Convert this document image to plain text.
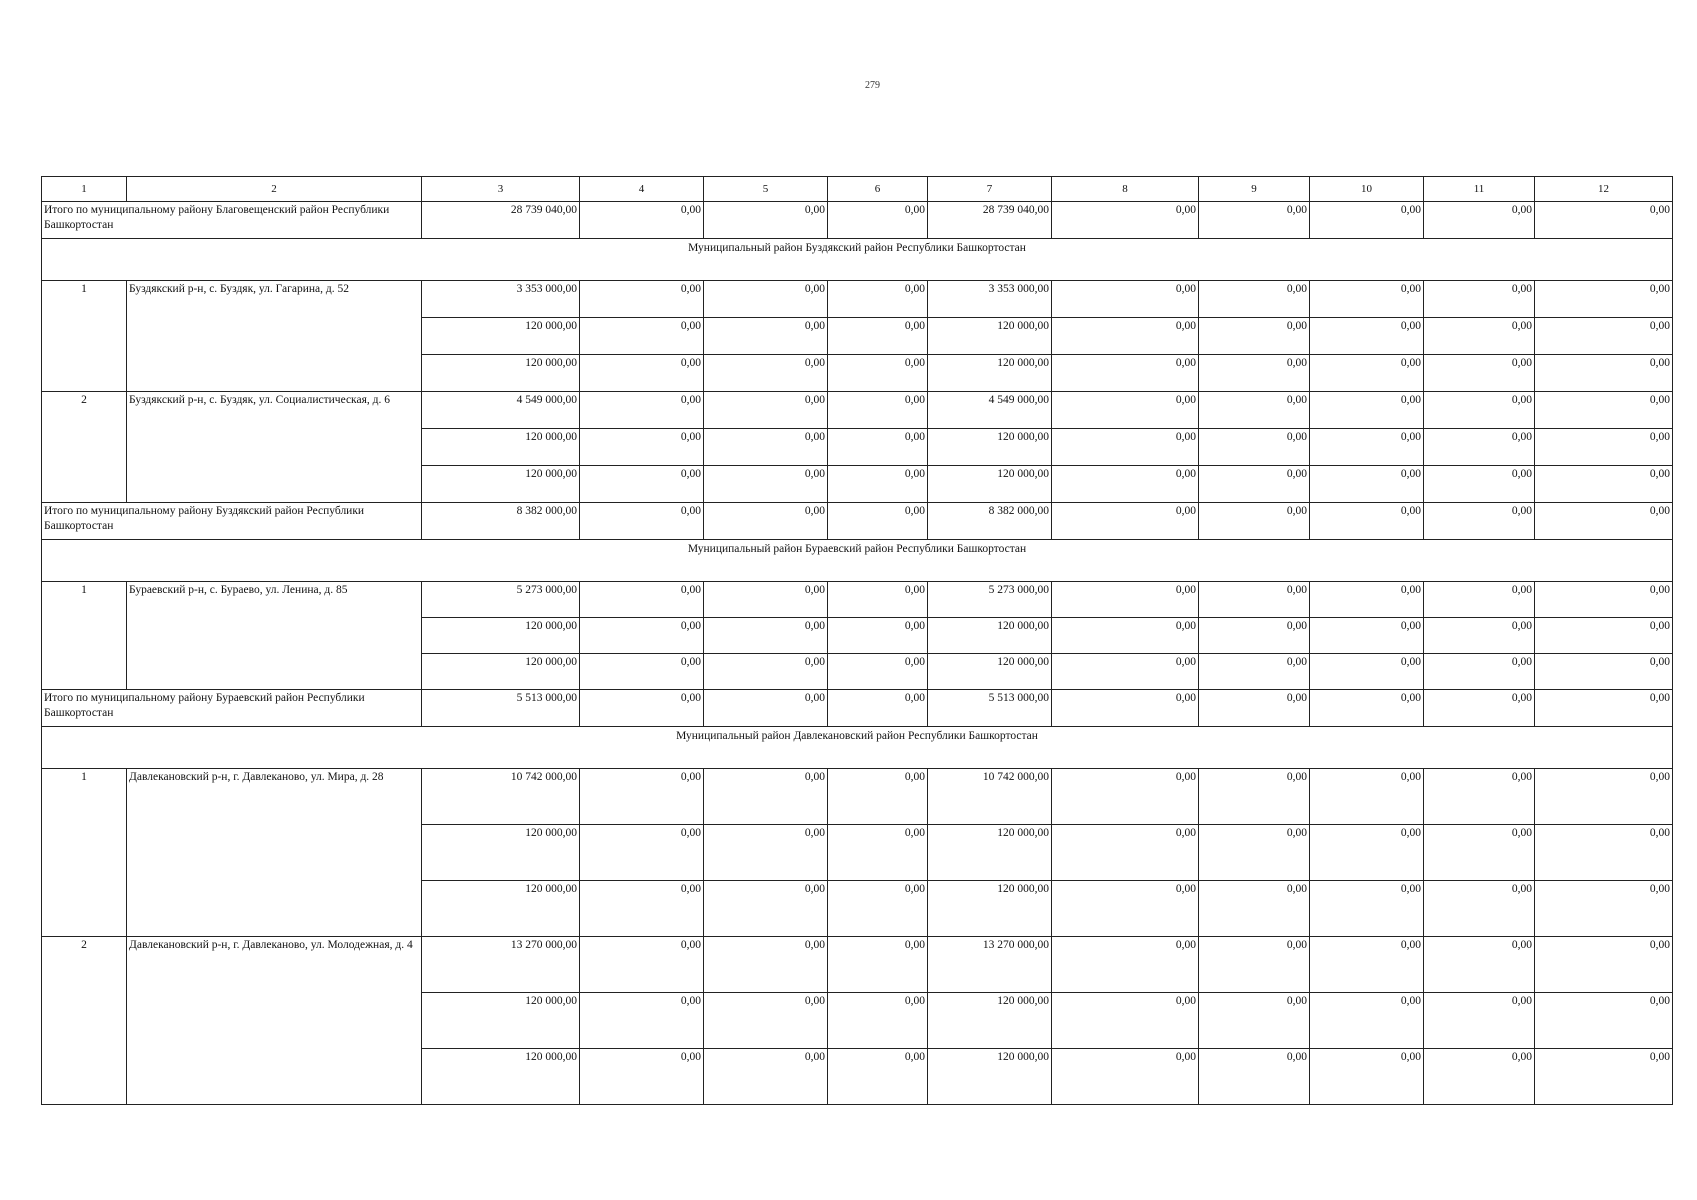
279
1	2	3	4	5	6	7	8	9	10	11	12
Итого по муниципальному району Благовещенский район Республики Башкортостан		28 739 040,00	0,00	0,00	0,00	28 739 040,00	0,00	0,00	0,00	0,00	0,00
Муниципальный район Буздякский район Республики Башкортостан											
1	Буздякский р-н, с. Буздяк, ул. Гагарина, д. 52	3 353 000,00	0,00	0,00	0,00	3 353 000,00	0,00	0,00	0,00	0,00	0,00
		120 000,00	0,00	0,00	0,00	120 000,00	0,00	0,00	0,00	0,00	0,00
		120 000,00	0,00	0,00	0,00	120 000,00	0,00	0,00	0,00	0,00	0,00
2	Буздякский р-н, с. Буздяк, ул. Социалистическая, д. 6	4 549 000,00	0,00	0,00	0,00	4 549 000,00	0,00	0,00	0,00	0,00	0,00
		120 000,00	0,00	0,00	0,00	120 000,00	0,00	0,00	0,00	0,00	0,00
		120 000,00	0,00	0,00	0,00	120 000,00	0,00	0,00	0,00	0,00	0,00
Итого по муниципальному району Буздякский район Республики Башкортостан		8 382 000,00	0,00	0,00	0,00	8 382 000,00	0,00	0,00	0,00	0,00	0,00
Муниципальный район Бураевский район Республики Башкортостан											
1	Бураевский р-н, с. Бураево, ул. Ленина, д. 85	5 273 000,00	0,00	0,00	0,00	5 273 000,00	0,00	0,00	0,00	0,00	0,00
		120 000,00	0,00	0,00	0,00	120 000,00	0,00	0,00	0,00	0,00	0,00
		120 000,00	0,00	0,00	0,00	120 000,00	0,00	0,00	0,00	0,00	0,00
Итого по муниципальному району Бураевский район Республики Башкортостан		5 513 000,00	0,00	0,00	0,00	5 513 000,00	0,00	0,00	0,00	0,00	0,00
Муниципальный район Давлекановский район Республики Башкортостан											
1	Давлекановский р-н, г. Давлеканово, ул. Мира, д. 28	10 742 000,00	0,00	0,00	0,00	10 742 000,00	0,00	0,00	0,00	0,00	0,00
		120 000,00	0,00	0,00	0,00	120 000,00	0,00	0,00	0,00	0,00	0,00
		120 000,00	0,00	0,00	0,00	120 000,00	0,00	0,00	0,00	0,00	0,00
2	Давлекановский р-н, г. Давлеканово, ул. Молодежная, д. 4	13 270 000,00	0,00	0,00	0,00	13 270 000,00	0,00	0,00	0,00	0,00	0,00
		120 000,00	0,00	0,00	0,00	120 000,00	0,00	0,00	0,00	0,00	0,00
		120 000,00	0,00	0,00	0,00	120 000,00	0,00	0,00	0,00	0,00	0,00
